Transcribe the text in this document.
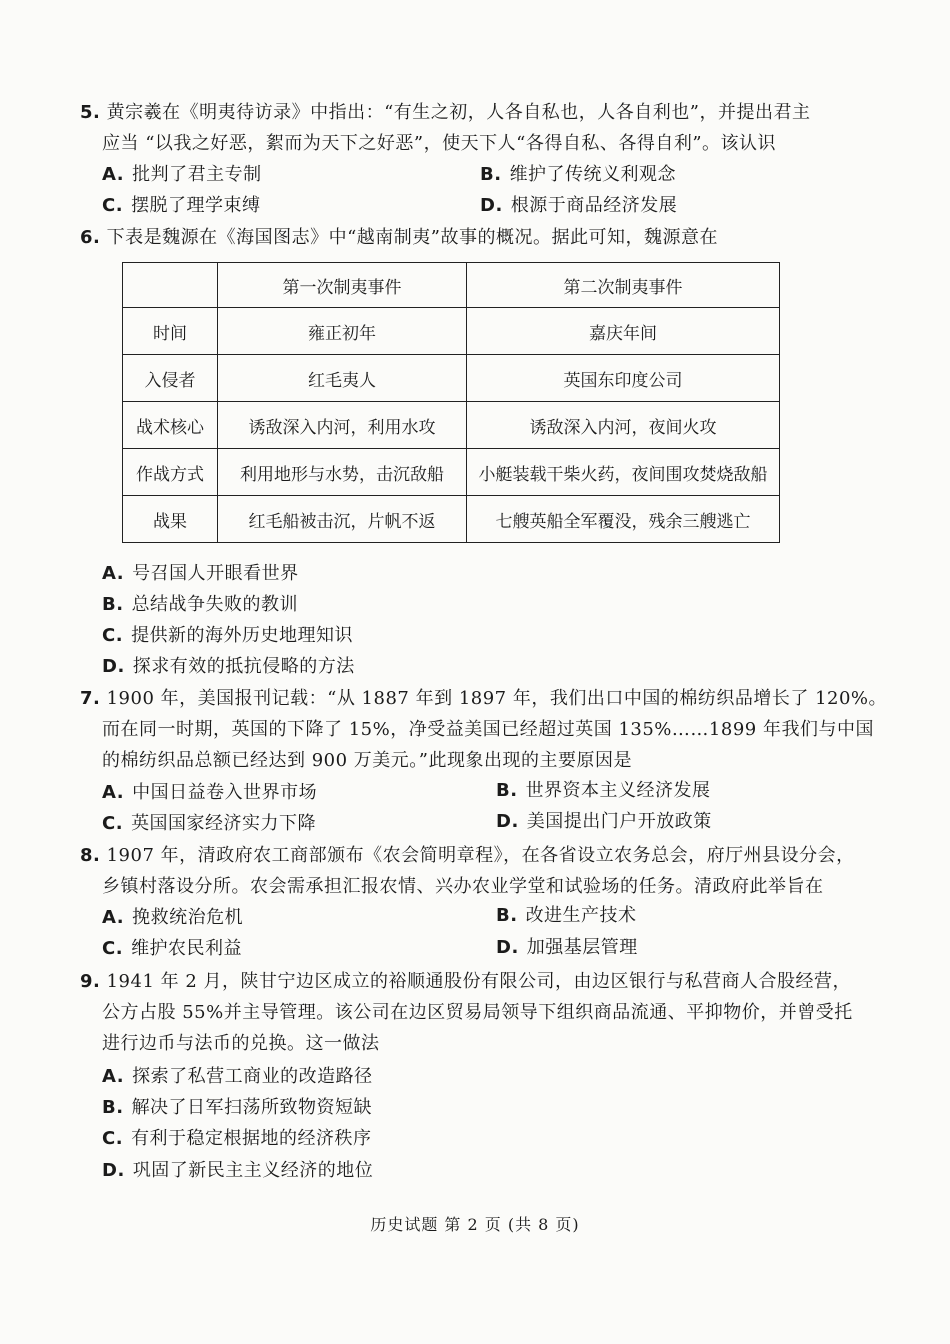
5. 黄宗羲在《明夷待访录》中指出：“有生之初，人各自私也，人各自利也”，并提出君主
应当 “以我之好恶，絮而为天下之好恶”，使天下人“各得自私、各得自利”。该认识
A. 批判了君主专制	B. 维护了传统义利观念
C. 摆脱了理学束缚	D. 根源于商品经济发展
6. 下表是魏源在《海国图志》中“越南制夷”故事的概况。据此可知，魏源意在
	第一次制夷事件	第二次制夷事件
时间	雍正初年	嘉庆年间
入侵者	红毛夷人	英国东印度公司
战术核心	诱敌深入内河，利用水攻	诱敌深入内河，夜间火攻
作战方式	利用地形与水势，击沉敌船	小艇装载干柴火药，夜间围攻焚烧敌船
战果	红毛船被击沉，片帆不返	七艘英船全军覆没，残余三艘逃亡
A. 号召国人开眼看世界
B. 总结战争失败的教训
C. 提供新的海外历史地理知识
D. 探求有效的抵抗侵略的方法
7. 1900 年，美国报刊记载：“从 1887 年到 1897 年，我们出口中国的棉纺织品增长了 120%。
而在同一时期，英国的下降了 15%，净受益美国已经超过英国 135%……1899 年我们与中国
的棉纺织品总额已经达到 900 万美元。”此现象出现的主要原因是
A. 中国日益卷入世界市场	B. 世界资本主义经济发展
C. 英国国家经济实力下降	D. 美国提出门户开放政策
8. 1907 年，清政府农工商部颁布《农会简明章程》，在各省设立农务总会，府厅州县设分会，
乡镇村落设分所。农会需承担汇报农情、兴办农业学堂和试验场的任务。清政府此举旨在
A. 挽救统治危机	B. 改进生产技术
C. 维护农民利益	D. 加强基层管理
9. 1941 年 2 月，陕甘宁边区成立的裕顺通股份有限公司，由边区银行与私营商人合股经营，
公方占股 55%并主导管理。该公司在边区贸易局领导下组织商品流通、平抑物价，并曾受托
进行边币与法币的兑换。这一做法
A. 探索了私营工商业的改造路径
B. 解决了日军扫荡所致物资短缺
C. 有利于稳定根据地的经济秩序
D. 巩固了新民主主义经济的地位
历史试题 第 2 页 (共 8 页)
